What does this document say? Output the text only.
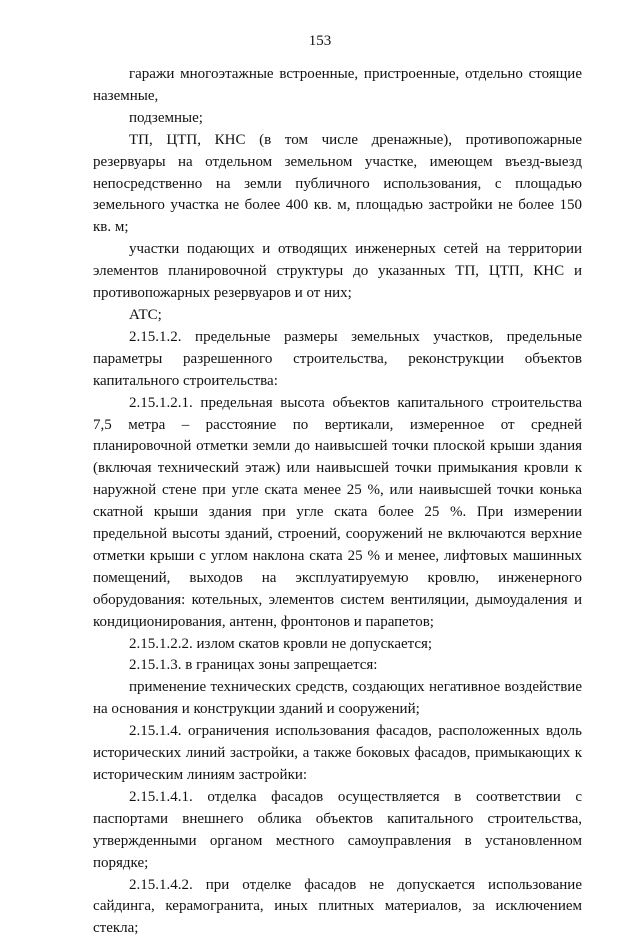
153

гаражи многоэтажные встроенные, пристроенные, отдельно стоящие наземные,

подземные;

ТП, ЦТП, КНС (в том числе дренажные), противопожарные резервуары на отдельном земельном участке, имеющем въезд-выезд непосредственно на земли публичного использования, с площадью земельного участка не более 400 кв. м, площадью застройки не более 150 кв. м;

участки подающих и отводящих инженерных сетей на территории элементов планировочной структуры до указанных ТП, ЦТП, КНС и противопожарных резервуаров и от них;

АТС;

2.15.1.2. предельные размеры земельных участков, предельные параметры разрешенного строительства, реконструкции объектов капитального строительства:

2.15.1.2.1. предельная высота объектов капитального строительства 7,5 метра – расстояние по вертикали, измеренное от средней планировочной отметки земли до наивысшей точки плоской крыши здания (включая технический этаж) или наивысшей точки примыкания кровли к наружной стене при угле ската менее 25 %, или наивысшей точки конька скатной крыши здания при угле ската более 25 %. При измерении предельной высоты зданий, строений, сооружений не включаются верхние отметки крыши с углом наклона ската 25 % и менее, лифтовых машинных помещений, выходов на эксплуатируемую кровлю, инженерного оборудования: котельных, элементов систем вентиляции, дымоудаления и кондиционирования, антенн, фронтонов и парапетов;

2.15.1.2.2. излом скатов кровли не допускается;

2.15.1.3. в границах зоны запрещается:

применение технических средств, создающих негативное воздействие на основания и конструкции зданий и сооружений;

2.15.1.4. ограничения использования фасадов, расположенных вдоль исторических линий застройки, а также боковых фасадов, примыкающих к историческим линиям застройки:

2.15.1.4.1. отделка фасадов осуществляется в соответствии с паспортами внешнего облика объектов капитального строительства, утвержденными органом местного самоуправления в установленном порядке;

2.15.1.4.2. при отделке фасадов не допускается использование сайдинга, керамогранита, иных плитных материалов, за исключением стекла;
